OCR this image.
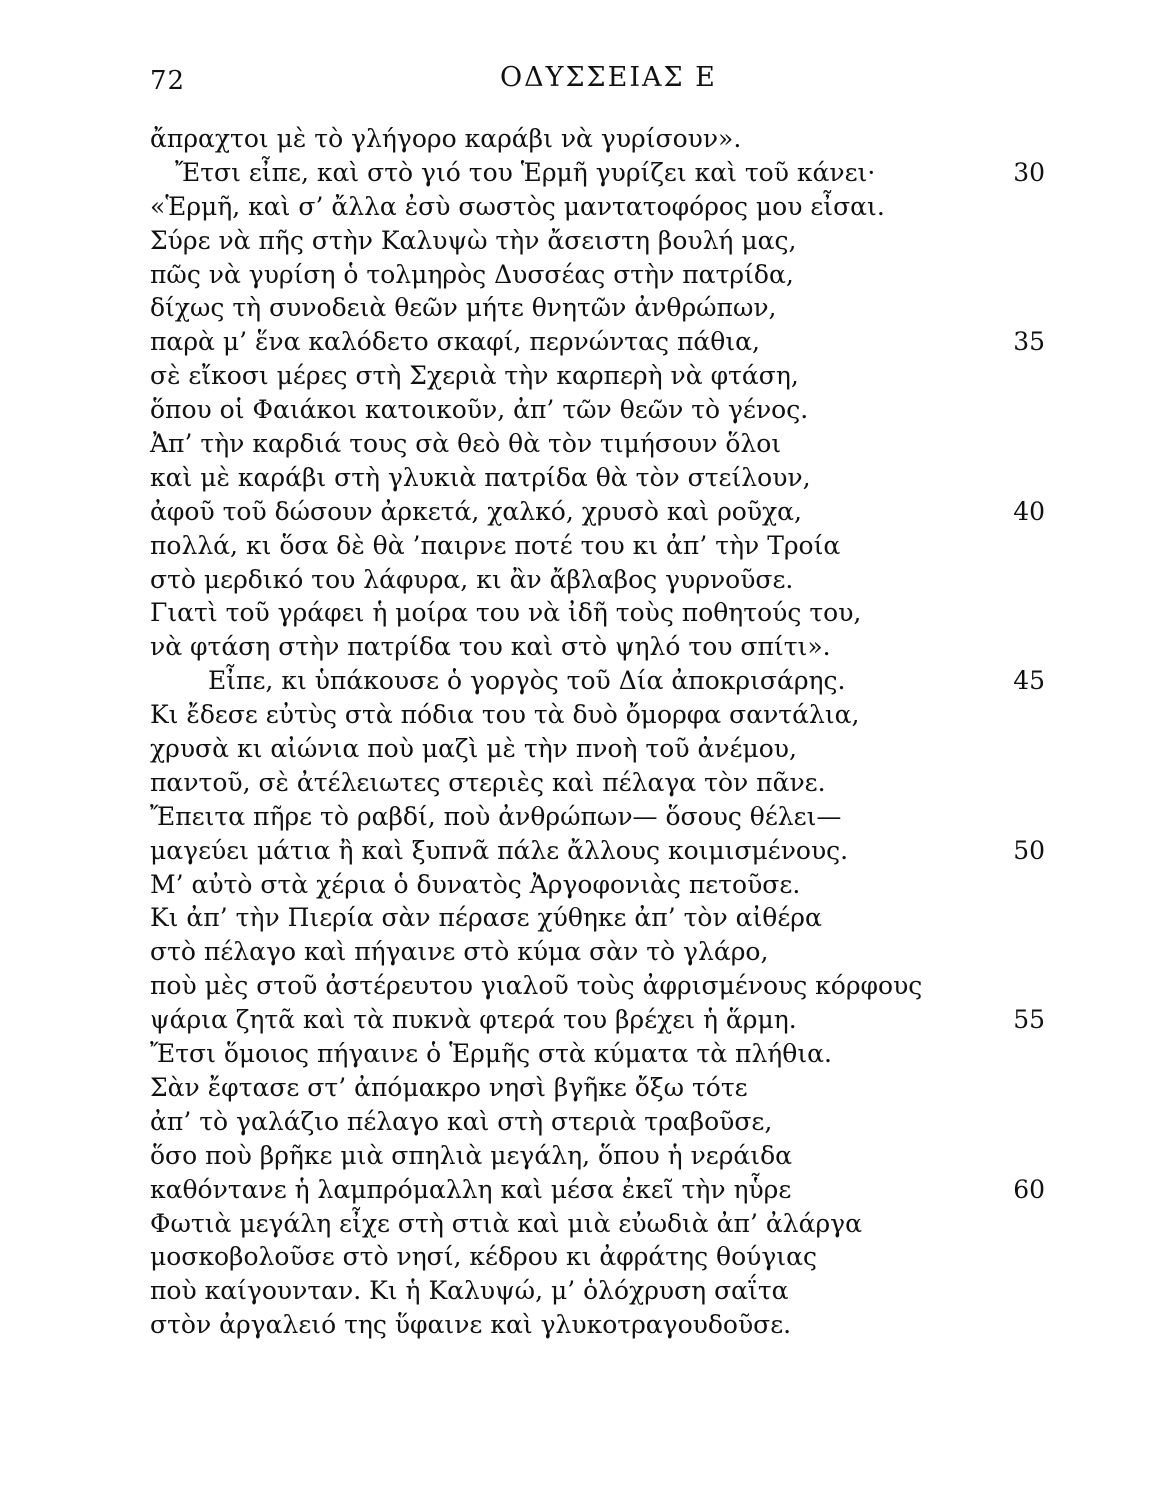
72	ΟΔΥΣΣΕΙΑΣ Ε
ἄπραχτοι μὲ τὸ γλήγορο καράβι νὰ γυρίσουν».
Ἔτσι εἶπε, καὶ στὸ γιό του Ἑρμῆ γυρίζει καὶ τοῦ κάνει·	30
«Ἑρμῆ, καὶ σ’ ἄλλα ἐσὺ σωστὸς μαντατοφόρος μου εἶσαι.
Σύρε νὰ πῆς στὴν Καλυψὼ τὴν ἄσειστη βουλή μας,
πῶς νὰ γυρίση ὁ τολμηρὸς Δυσσέας στὴν πατρίδα,
δίχως τὴ συνοδειὰ θεῶν μήτε θνητῶν ἀνθρώπων,
παρὰ μ’ ἕνα καλόδετο σκαφί, περνώντας πάθια,	35
σὲ εἴκοσι μέρες στὴ Σχεριὰ τὴν καρπερὴ νὰ φτάση,
ὅπου οἱ Φαιάκοι κατοικοῦν, ἀπ’ τῶν θεῶν τὸ γένος.
Ἀπ’ τὴν καρδιά τους σὰ θεὸ θὰ τὸν τιμήσουν ὅλοι
καὶ μὲ καράβι στὴ γλυκιὰ πατρίδα θὰ τὸν στείλουν,
ἀφοῦ τοῦ δώσουν ἀρκετά, χαλκό, χρυσὸ καὶ ροῦχα,	40
πολλά, κι ὅσα δὲ θὰ ’παιρνε ποτέ του κι ἀπ’ τὴν Τροία
στὸ μερδικό του λάφυρα, κι ἂν ἄβλαβος γυρνοῦσε.
Γιατὶ τοῦ γράφει ἡ μοίρα του νὰ ἰδῆ τοὺς ποθητούς του,
νὰ φτάση στὴν πατρίδα του καὶ στὸ ψηλό του σπίτι».
Εἶπε, κι ὑπάκουσε ὁ γοργὸς τοῦ Δία ἀποκρισάρης.	45
Κι ἔδεσε εὐτὺς στὰ πόδια του τὰ δυὸ ὄμορφα σαντάλια,
χρυσὰ κι αἰώνια ποὺ μαζὶ μὲ τὴν πνοὴ τοῦ ἀνέμου,
παντοῦ, σὲ ἀτέλειωτες στεριὲς καὶ πέλαγα τὸν πᾶνε.
Ἔπειτα πῆρε τὸ ραβδί, ποὺ ἀνθρώπων— ὅσους θέλει—
μαγεύει μάτια ἢ καὶ ξυπνᾶ πάλε ἄλλους κοιμισμένους.	50
Μ’ αὐτὸ στὰ χέρια ὁ δυνατὸς Ἀργοφονιὰς πετοῦσε.
Κι ἀπ’ τὴν Πιερία σὰν πέρασε χύθηκε ἀπ’ τὸν αἰθέρα
στὸ πέλαγο καὶ πήγαινε στὸ κύμα σὰν τὸ γλάρο,
ποὺ μὲς στοῦ ἀστέρευτου γιαλοῦ τοὺς ἀφρισμένους κόρφους
ψάρια ζητᾶ καὶ τὰ πυκνὰ φτερά του βρέχει ἡ ἅρμη.	55
Ἔτσι ὅμοιος πήγαινε ὁ Ἑρμῆς στὰ κύματα τὰ πλήθια.
Σὰν ἔφτασε στ’ ἀπόμακρο νησὶ βγῆκε ὄξω τότε
ἀπ’ τὸ γαλάζιο πέλαγο καὶ στὴ στεριὰ τραβοῦσε,
ὅσο ποὺ βρῆκε μιὰ σπηλιὰ μεγάλη, ὅπου ἡ νεράιδα
καθόντανε ἡ λαμπρόμαλλη καὶ μέσα ἐκεῖ τὴν ηὗρε	60
Φωτιὰ μεγάλη εἶχε στὴ στιὰ καὶ μιὰ εὐωδιὰ ἀπ’ ἀλάργα
μοσκοβολοῦσε στὸ νησί, κέδρου κι ἀφράτης θούγιας
ποὺ καίγουνταν. Κι ἡ Καλυψώ, μ’ ὁλόχρυση σαΐτα
στὸν ἀργαλειό της ὕφαινε καὶ γλυκοτραγουδοῦσε.
